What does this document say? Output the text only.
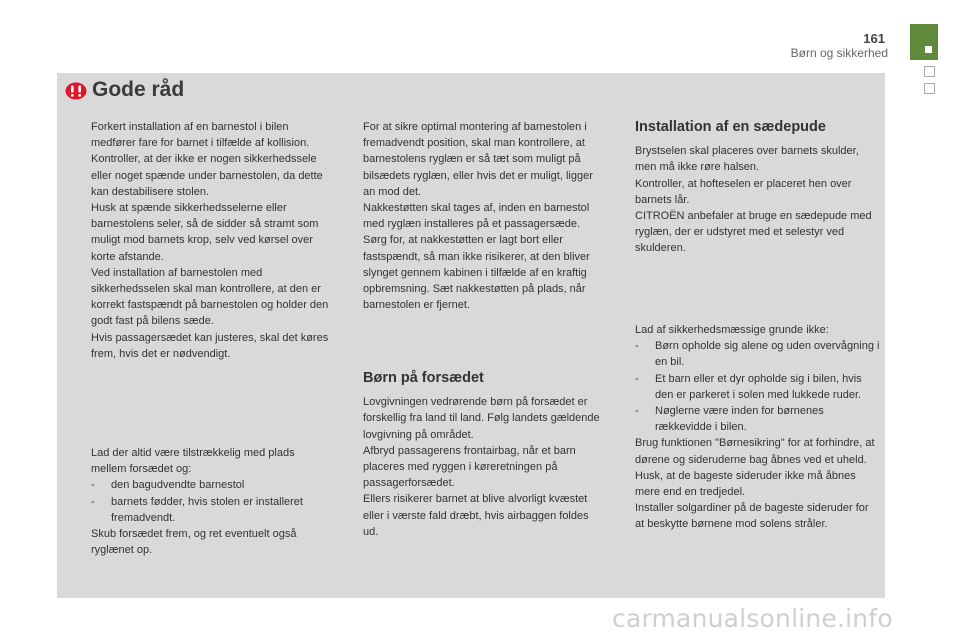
161
Børn og sikkerhed
Gode råd

Forkert installation af en barnestol i bilen medfører fare for barnet i tilfælde af kollision.

Kontroller, at der ikke er nogen sikkerhedssele eller noget spænde under barnestolen, da dette kan destabilisere stolen.

Husk at spænde sikkerhedsselerne eller barnestolens seler, så de sidder så stramt som muligt mod barnets krop, selv ved kørsel over korte afstande.

Ved installation af barnestolen med sikkerhedsselen skal man kontrollere, at den er korrekt fastspændt på barnestolen og holder den godt fast på bilens sæde.

Hvis passagersædet kan justeres, skal det køres frem, hvis det er nødvendigt.

Lad der altid være tilstrækkelig med plads mellem forsædet og:

- den bagudvendte barnestol
- barnets fødder, hvis stolen er installeret fremadvendt.

Skub forsædet frem, og ret eventuelt også ryglænet op.

For at sikre optimal montering af barnestolen i fremadvendt position, skal man kontrollere, at barnestolens ryglæn er så tæt som muligt på bilsædets ryglæn, eller hvis det er muligt, ligger an mod det.

Nakkestøtten skal tages af, inden en barnestol med ryglæn installeres på et passagersæde.

Sørg for, at nakkestøtten er lagt bort eller fastspændt, så man ikke risikerer, at den bliver slynget gennem kabinen i tilfælde af en kraftig opbremsning. Sæt nakkestøtten på plads, når barnestolen er fjernet.

Børn på forsædet

Lovgivningen vedrørende børn på forsædet er forskellig fra land til land. Følg landets gældende lovgivning på området.

Afbryd passagerens frontairbag, når et barn placeres med ryggen i køreretningen på passagerforsædet.

Ellers risikerer barnet at blive alvorligt kvæstet eller i værste fald dræbt, hvis airbaggen foldes ud.

Installation af en sædepude

Brystselen skal placeres over barnets skulder, men må ikke røre halsen.

Kontroller, at hofteselen er placeret hen over barnets lår.

CITROËN anbefaler at bruge en sædepude med ryglæn, der er udstyret med et selestyr ved skulderen.

Lad af sikkerhedsmæssige grunde ikke:

- Børn opholde sig alene og uden overvågning i en bil.
- Et barn eller et dyr opholde sig i bilen, hvis den er parkeret i solen med lukkede ruder.
- Nøglerne være inden for børnenes rækkevidde i bilen.

Brug funktionen "Børnesikring" for at forhindre, at dørene og sideruderne bag åbnes ved et uheld.

Husk, at de bageste sideruder ikke må åbnes mere end en tredjedel.

Installer solgardiner på de bageste sideruder for at beskytte børnene mod solens stråler.

carmanualsonline.info
